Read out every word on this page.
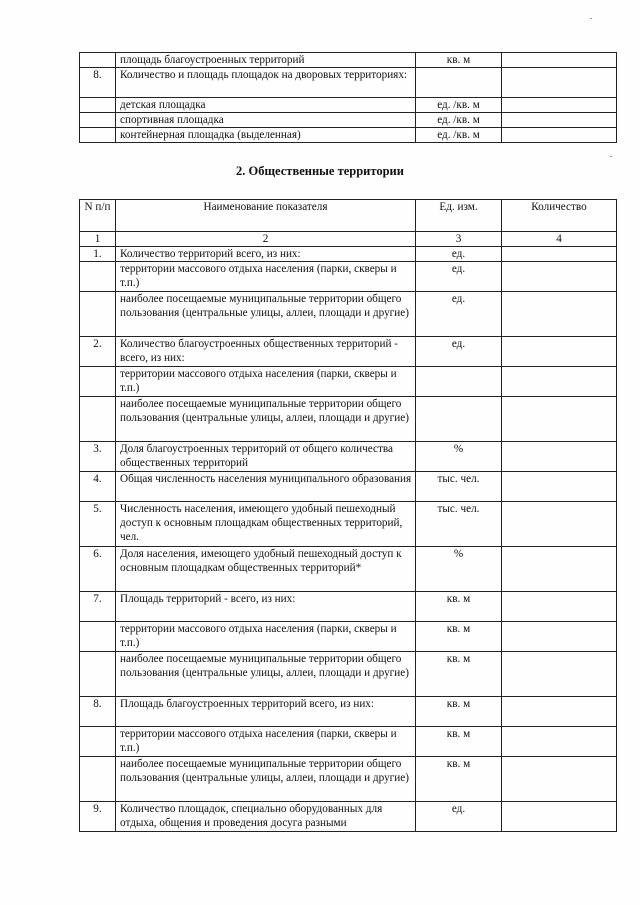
	площадь благоустроенных территорий	кв. м	
8.	Количество и площадь площадок на дворовых территориях:		
	детская площадка	ед. /кв. м	
	спортивная площадка	ед. /кв. м	
	контейнерная площадка (выделенная)	ед. /кв. м	
2. Общественные территории
N п/п	Наименование показателя	Ед. изм.	Количество
1	2	3	4
1.	Количество территорий всего, из них:	ед.	
	территории массового отдыха населения (парки, скверы и т.п.)	ед.	
	наиболее посещаемые муниципальные территории общего пользования (центральные улицы, аллеи, площади и другие)	ед.	
2.	Количество благоустроенных общественных территорий - всего, из них:	ед.	
	территории массового отдыха населения (парки, скверы и т.п.)		
	наиболее посещаемые муниципальные территории общего пользования (центральные улицы, аллеи, площади и другие)		
3.	Доля благоустроенных территорий от общего количества общественных территорий	%	
4.	Общая численность населения муниципального образования	тыс. чел.	
5.	Численность населения, имеющего удобный пешеходный доступ к основным площадкам общественных территорий, чел.	тыс. чел.	
6.	Доля населения, имеющего удобный пешеходный доступ к основным площадкам общественных территорий*	%	
7.	Площадь территорий - всего, из них:	кв. м	
	территории массового отдыха населения (парки, скверы и т.п.)	кв. м	
	наиболее посещаемые муниципальные территории общего пользования (центральные улицы, аллеи, площади и другие)	кв. м	
8.	Площадь благоустроенных территорий всего, из них:	кв. м	
	территории массового отдыха населения (парки, скверы и т.п.)	кв. м	
	наиболее посещаемые муниципальные территории общего пользования (центральные улицы, аллеи, площади и другие)	кв. м	
9.	Количество площадок, специально оборудованных для отдыха, общения и проведения досуга разными	ед.	
